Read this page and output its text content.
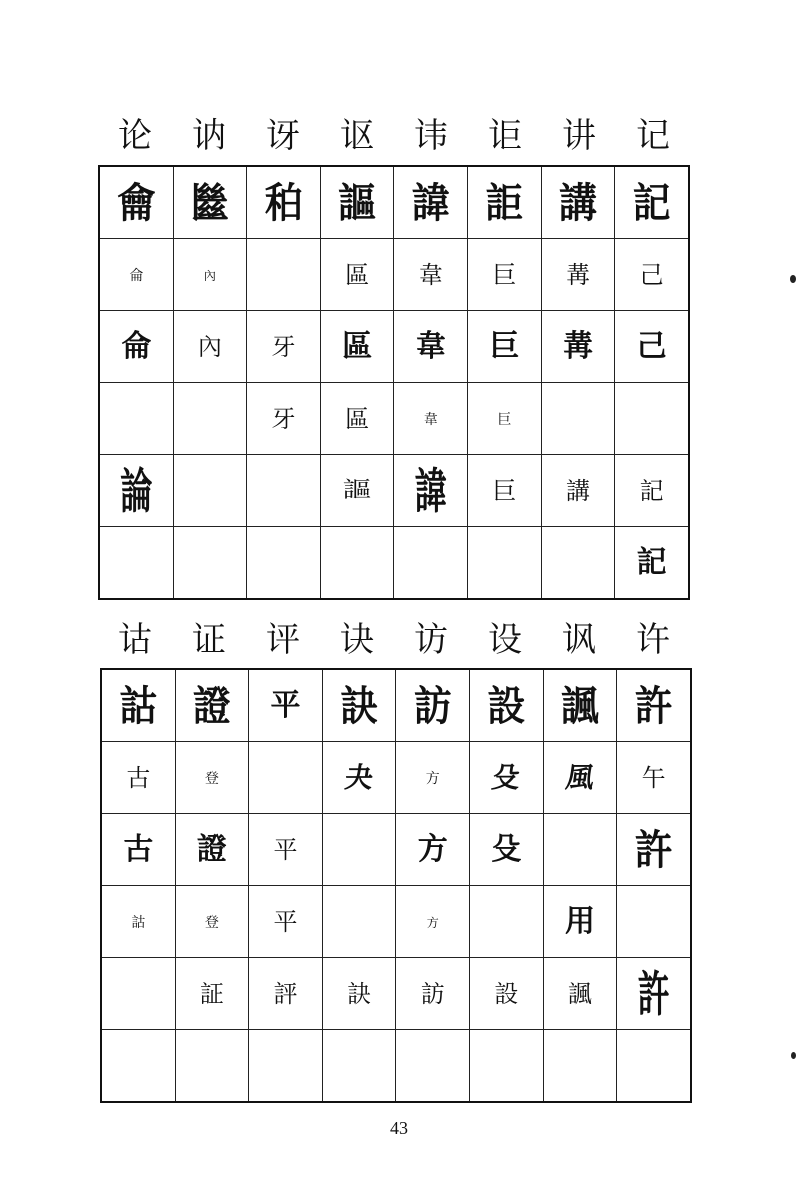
论	讷	讶	讴	讳	讵	讲	记
龠	㡭	䄸	謳	諱	詎	講	記
侖	內		區	韋	巨	冓	己
侖	內	牙	區	韋	巨	冓	己
		牙	區	韋	巨		
論			謳	諱	巨	講	記
							記
诂	证	评	诀	访	设	讽	许
詁	證	平	訣	訪	設	諷	許
古	登		夬	方	殳	風	午
古	證	平		方	殳		許
詁	登	平		方		用	
	証	評	訣	訪	設	諷	許

43
